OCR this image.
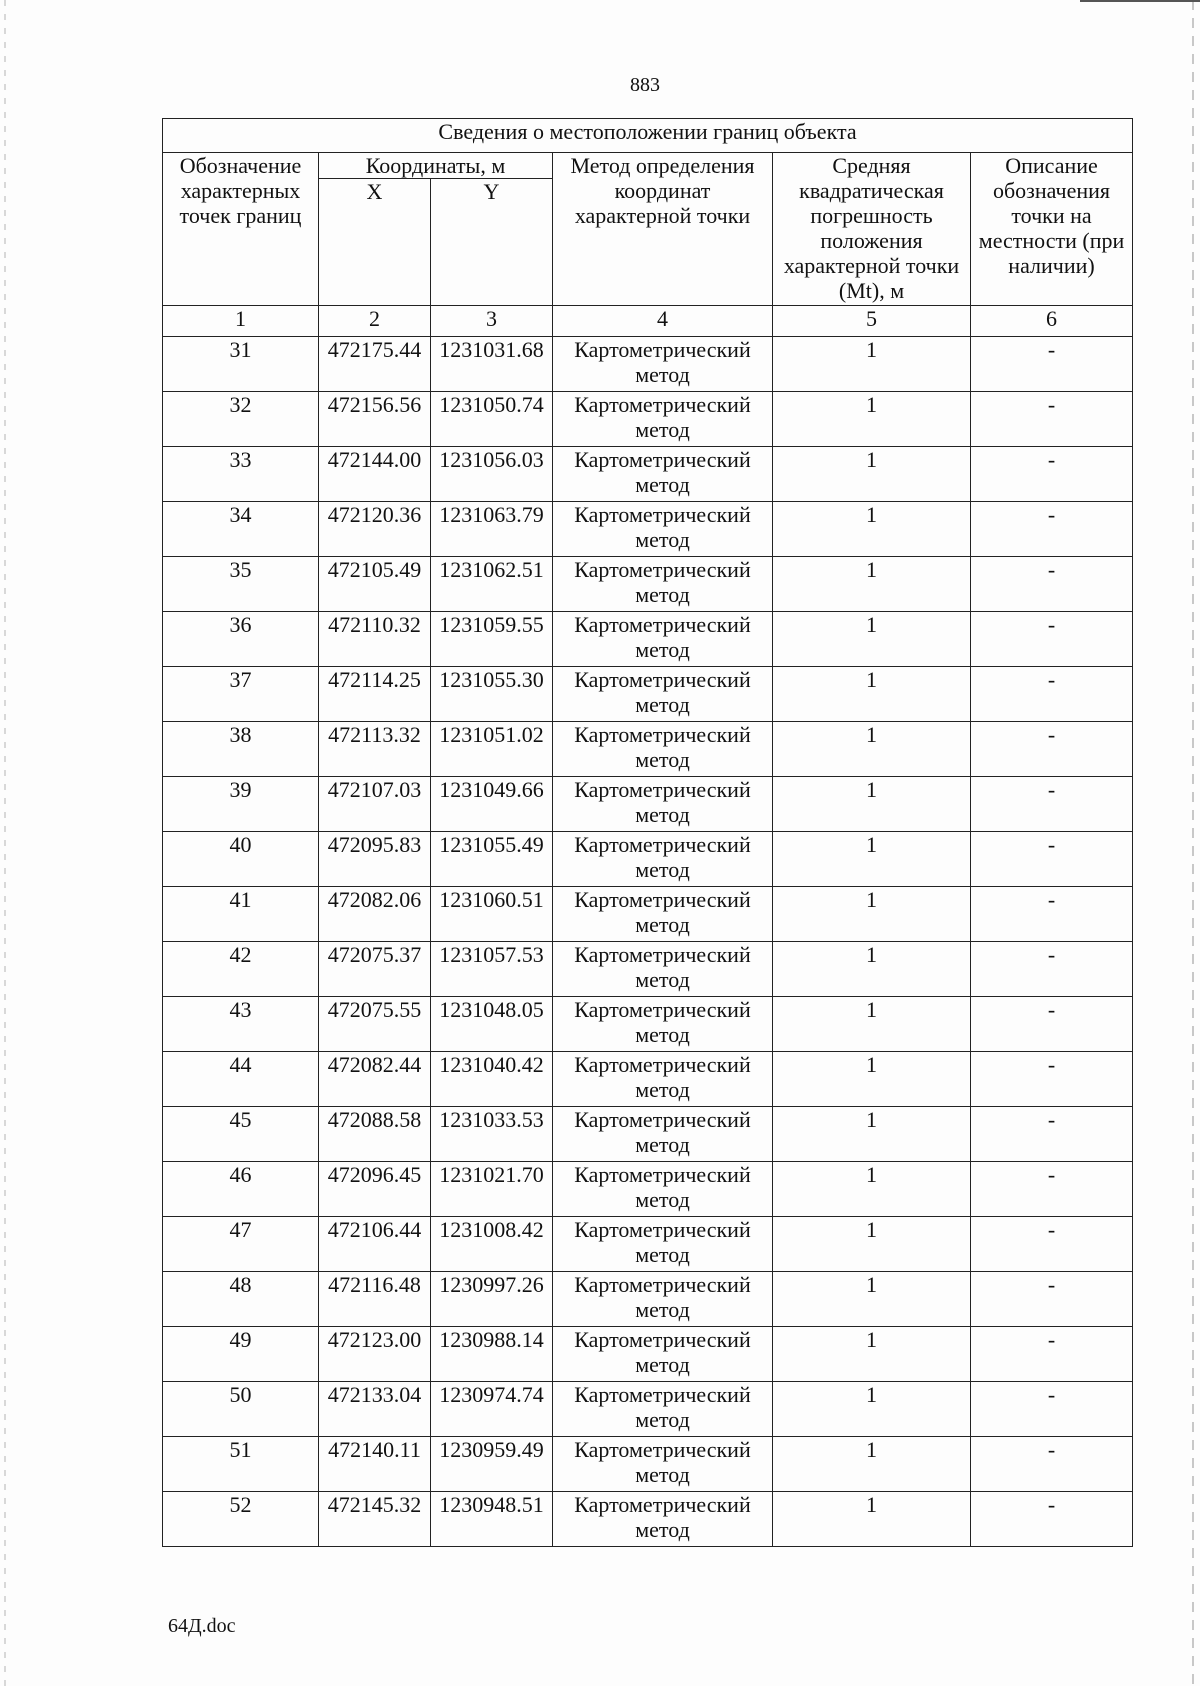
883
Сведения о местоположении границ объекта					
Обозначение характерных точек границ	Координаты, м		Метод определения координат характерной точки	Средняя квадратическая погрешность положения характерной точки (Mt), м	Описание обозначения точки на местности (при наличии)
	X	Y			
1	2	3	4	5	6
31	472175.44	1231031.68	Картометрический метод	1	-
32	472156.56	1231050.74	Картометрический метод	1	-
33	472144.00	1231056.03	Картометрический метод	1	-
34	472120.36	1231063.79	Картометрический метод	1	-
35	472105.49	1231062.51	Картометрический метод	1	-
36	472110.32	1231059.55	Картометрический метод	1	-
37	472114.25	1231055.30	Картометрический метод	1	-
38	472113.32	1231051.02	Картометрический метод	1	-
39	472107.03	1231049.66	Картометрический метод	1	-
40	472095.83	1231055.49	Картометрический метод	1	-
41	472082.06	1231060.51	Картометрический метод	1	-
42	472075.37	1231057.53	Картометрический метод	1	-
43	472075.55	1231048.05	Картометрический метод	1	-
44	472082.44	1231040.42	Картометрический метод	1	-
45	472088.58	1231033.53	Картометрический метод	1	-
46	472096.45	1231021.70	Картометрический метод	1	-
47	472106.44	1231008.42	Картометрический метод	1	-
48	472116.48	1230997.26	Картометрический метод	1	-
49	472123.00	1230988.14	Картометрический метод	1	-
50	472133.04	1230974.74	Картометрический метод	1	-
51	472140.11	1230959.49	Картометрический метод	1	-
52	472145.32	1230948.51	Картометрический метод	1	-
64Д.doc
